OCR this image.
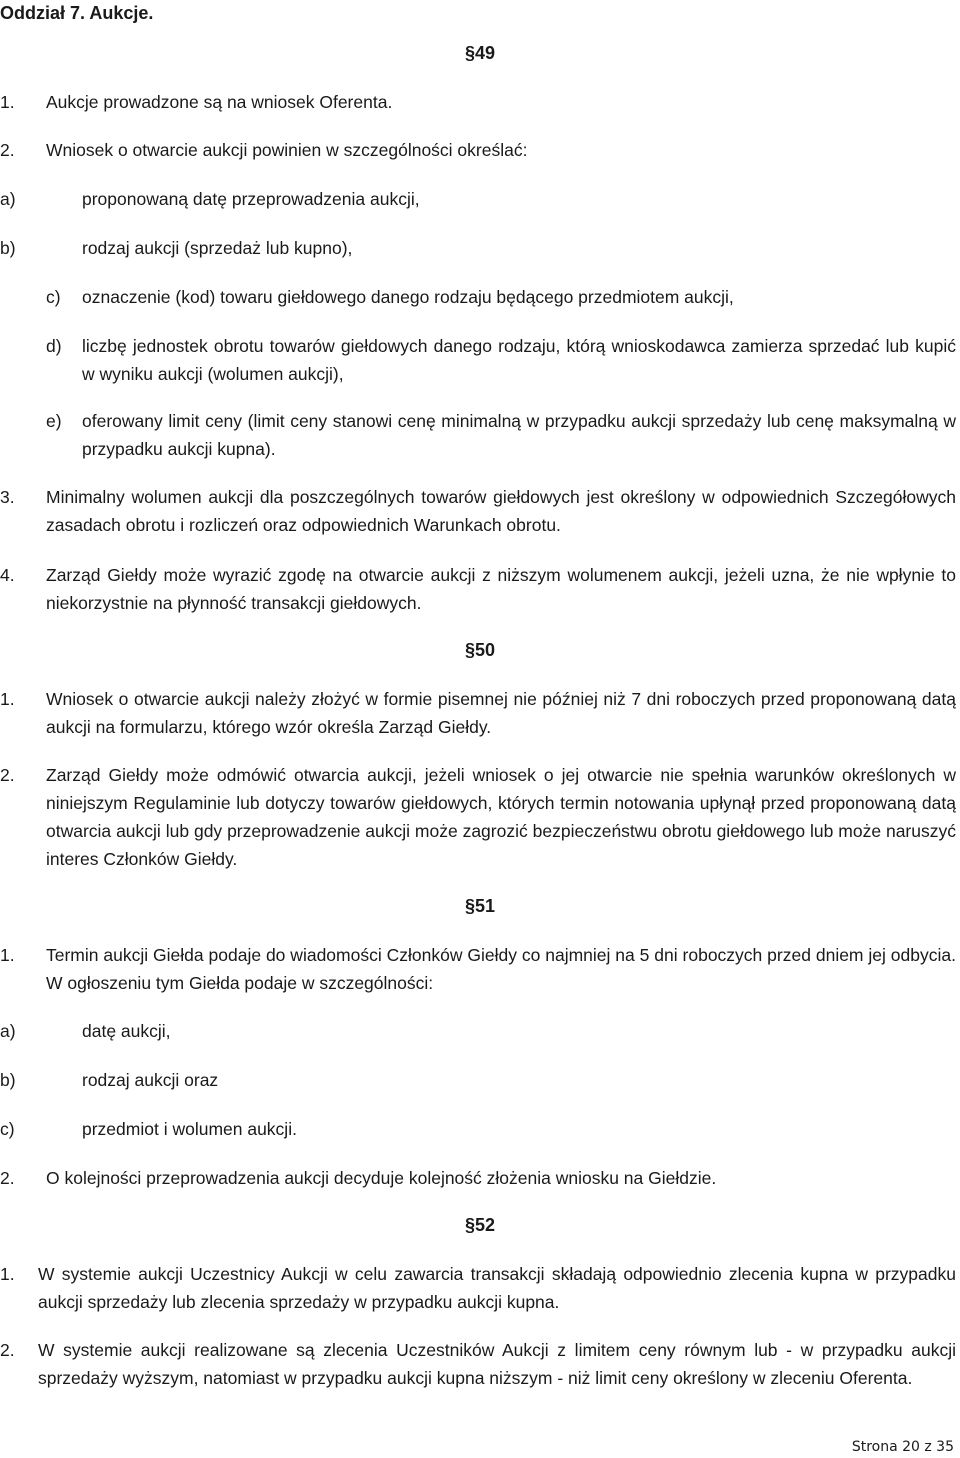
Oddział 7. Aukcje.
§49
1. Aukcje prowadzone są na wniosek Oferenta.
2. Wniosek o otwarcie aukcji powinien w szczególności określać:
a)	proponowaną datę przeprowadzenia aukcji,
b)	rodzaj aukcji (sprzedaż lub kupno),
c) oznaczenie (kod) towaru giełdowego danego rodzaju będącego przedmiotem aukcji,
d) liczbę jednostek obrotu towarów giełdowych danego rodzaju, którą wnioskodawca zamierza sprzedać lub kupić w wyniku aukcji (wolumen aukcji),
e) oferowany limit ceny (limit ceny stanowi cenę minimalną w przypadku aukcji sprzedaży lub cenę maksymalną w przypadku aukcji kupna).
3. Minimalny wolumen aukcji dla poszczególnych towarów giełdowych jest określony w odpowiednich Szczegółowych zasadach obrotu i rozliczeń oraz odpowiednich Warunkach obrotu.
4. Zarząd Giełdy może wyrazić zgodę na otwarcie aukcji z niższym wolumenem aukcji, jeżeli uzna, że nie wpłynie to niekorzystnie na płynność transakcji giełdowych.
§50
1. Wniosek o otwarcie aukcji należy złożyć w formie pisemnej nie później niż 7 dni roboczych przed proponowaną datą aukcji na formularzu, którego wzór określa Zarząd Giełdy.
2. Zarząd Giełdy może odmówić otwarcia aukcji, jeżeli wniosek o jej otwarcie nie spełnia warunków określonych w niniejszym Regulaminie lub dotyczy towarów giełdowych, których termin notowania upłynął przed proponowaną datą otwarcia aukcji lub gdy przeprowadzenie aukcji może zagrozić bezpieczeństwu obrotu giełdowego lub może naruszyć interes Członków Giełdy.
§51
1. Termin aukcji Giełda podaje do wiadomości Członków Giełdy co najmniej na 5 dni roboczych przed dniem jej odbycia. W ogłoszeniu tym Giełda podaje w szczególności:
a)	datę aukcji,
b)	rodzaj aukcji oraz
c)	przedmiot i wolumen aukcji.
2. O kolejności przeprowadzenia aukcji decyduje kolejność złożenia wniosku na Giełdzie.
§52
1. W systemie aukcji Uczestnicy Aukcji w celu zawarcia transakcji składają odpowiednio zlecenia kupna w przypadku aukcji sprzedaży lub zlecenia sprzedaży w przypadku aukcji kupna.
2. W systemie aukcji realizowane są zlecenia Uczestników Aukcji z limitem ceny równym lub - w przypadku aukcji sprzedaży wyższym, natomiast w przypadku aukcji kupna niższym - niż limit ceny określony w zleceniu Oferenta.
Strona 20 z 35
